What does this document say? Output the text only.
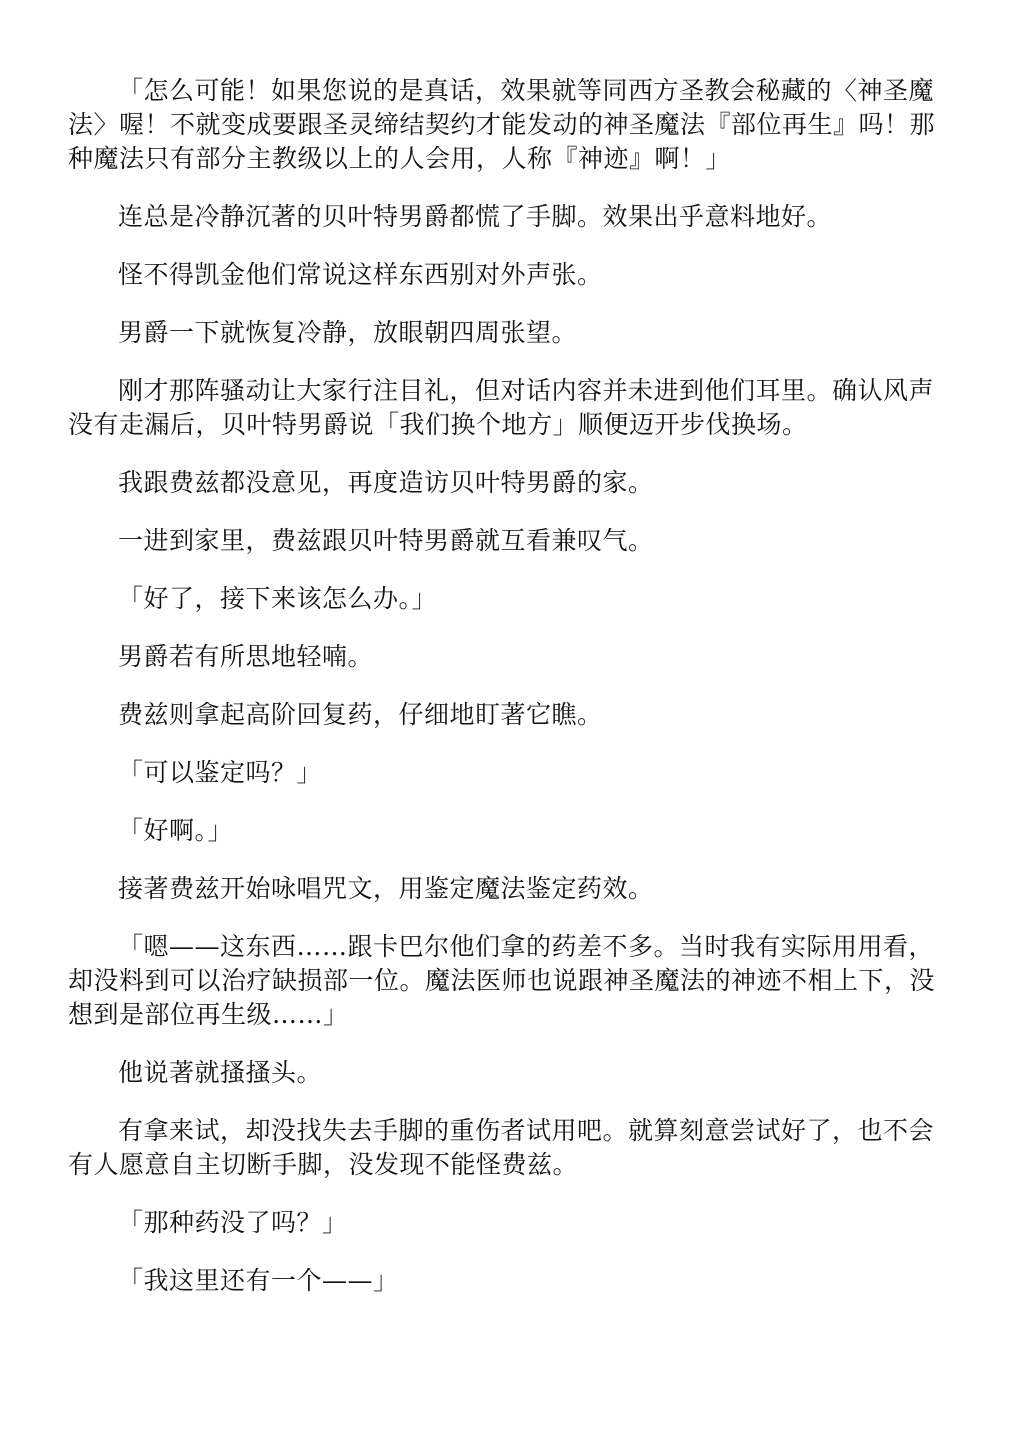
「怎么可能！如果您说的是真话，效果就等同西方圣教会秘藏的〈神圣魔法〉喔！不就变成要跟圣灵缔结契约才能发动的神圣魔法『部位再生』吗！那种魔法只有部分主教级以上的人会用，人称『神迹』啊！」

连总是冷静沉著的贝叶特男爵都慌了手脚。效果出乎意料地好。

怪不得凯金他们常说这样东西别对外声张。

男爵一下就恢复冷静，放眼朝四周张望。

刚才那阵骚动让大家行注目礼，但对话内容并未进到他们耳里。确认风声没有走漏后，贝叶特男爵说「我们换个地方」顺便迈开步伐换场。

我跟费兹都没意见，再度造访贝叶特男爵的家。

一进到家里，费兹跟贝叶特男爵就互看兼叹气。

「好了，接下来该怎么办。」

男爵若有所思地轻喃。

费兹则拿起高阶回复药，仔细地盯著它瞧。

「可以鉴定吗？」

「好啊。」

接著费兹开始咏唱咒文，用鉴定魔法鉴定药效。

「嗯——这东西……跟卡巴尔他们拿的药差不多。当时我有实际用用看，却没料到可以治疗缺损部一位。魔法医师也说跟神圣魔法的神迹不相上下，没想到是部位再生级……」

他说著就搔搔头。

有拿来试，却没找失去手脚的重伤者试用吧。就算刻意尝试好了，也不会有人愿意自主切断手脚，没发现不能怪费兹。

「那种药没了吗？」

「我这里还有一个——」
